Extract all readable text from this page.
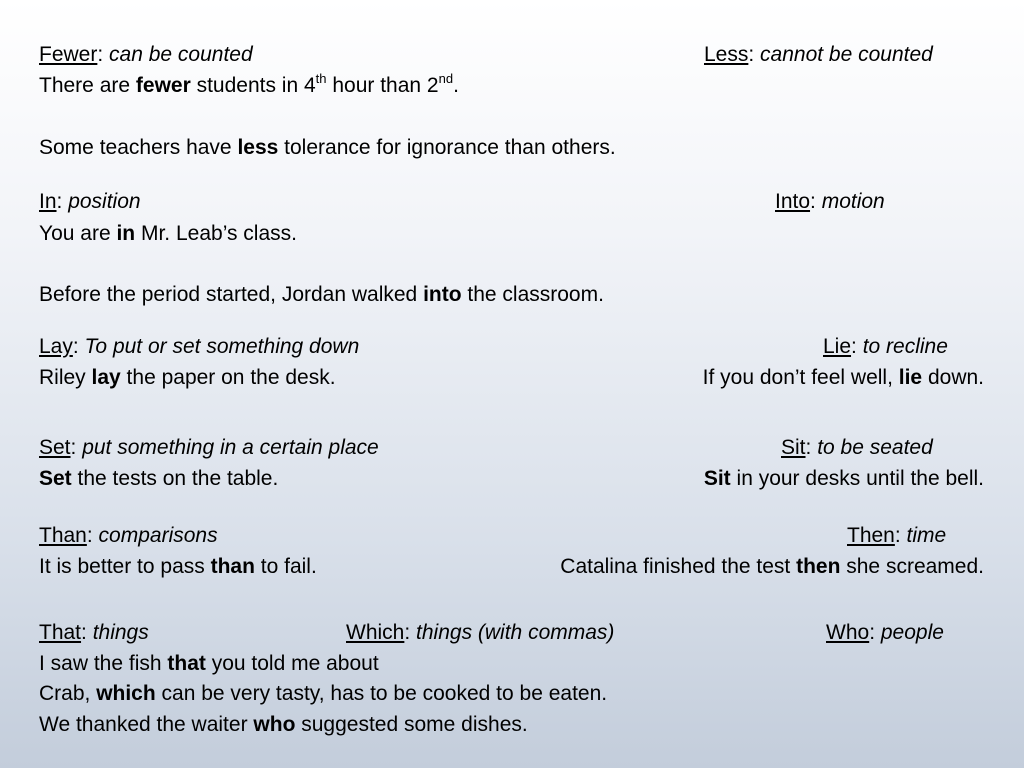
Fewer: can be counted	Less: cannot be counted
There are fewer students in 4th hour than 2nd.
Some teachers have less tolerance for ignorance than others.
In: position	Into: motion
You are in Mr. Leab’s class.
Before the period started, Jordan walked into the classroom.
Lay: To put or set something down	Lie: to recline
Riley lay the paper on the desk.	If you don’t feel well, lie down.
Set: put something in a certain place	Sit: to be seated
Set the tests on the table.	Sit in your desks until the bell.
Than: comparisons	Then: time
It is better to pass than to fail.	Catalina finished the test then she screamed.
That: things	Which: things (with commas)	Who: people
I saw the fish that you told me about
Crab, which can be very tasty, has to be cooked to be eaten.
We thanked the waiter who suggested some dishes.
